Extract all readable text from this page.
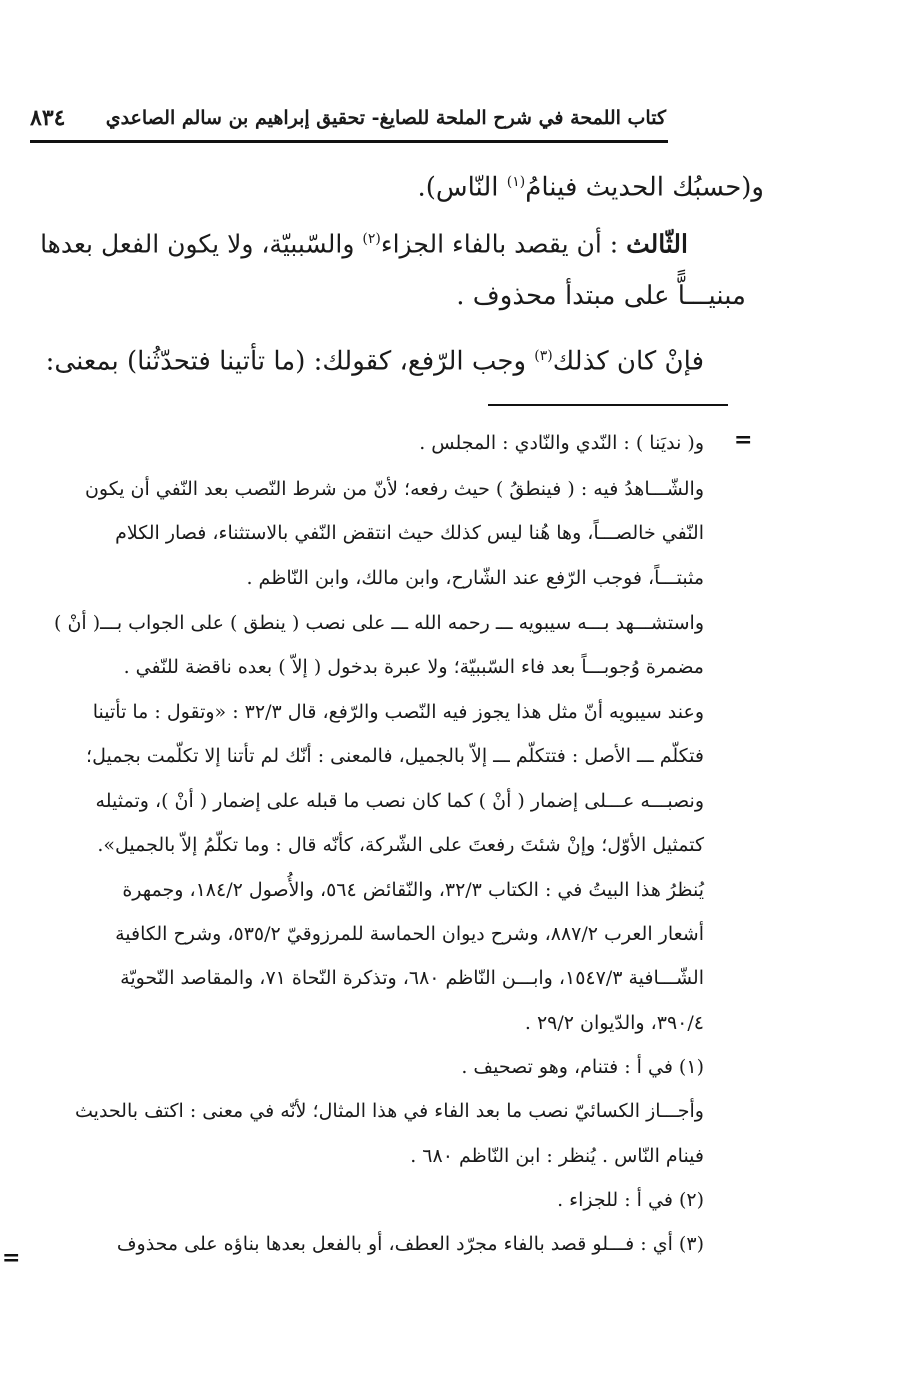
كتاب اللمحة في شرح الملحة للصايغ- تحقيق إبراهيم بن سالم الصاعدي
٨٣٤
و(حسبُك الحديث فينامُ$^{(١)}$ النّاس).
الثّالث : أن يقصد بالفاء الجزاء$^{(٢)}$ والسّببيّة، ولا يكون الفعل بعدها
مبنيـــاًّ على مبتدأ محذوف .
فإنْ كان كذلك$^{(٣)}$ وجب الرّفع، كقولك: (ما تأتينا فتحدّثُنا) بمعنى:
=
و( نديَنا ) : النّدي والنّادي : المجلس .
والشّـــاهدُ فيه : ( فينطقُ ) حيث رفعه؛ لأنّ من شرط النّصب بعد النّفي أن يكون
النّفي خالصـــاً، وها هُنا ليس كذلك حيث انتقض النّفي بالاستثناء، فصار الكلام
مثبتـــاً، فوجب الرّفع عند الشّارح، وابن مالك، وابن النّاظم .
واستشـــهد بـــه سيبويه ـــ رحمه الله ـــ على نصب ( ينطق ) على الجواب بـــ( أنْ )
مضمرة وُجوبـــاً بعد فاء السّببيّة؛ ولا عبرة بدخول ( إلاّ ) بعده ناقضة للنّفي .
وعند سيبويه أنّ مثل هذا يجوز فيه النّصب والرّفع، قال ٣٢/٣ : «وتقول : ما تأتينا
فتكلّم ـــ الأصل : فتتكلّم ـــ إلاّ بالجميل، فالمعنى : أنّك لم تأتنا إلا تكلّمت بجميل؛
ونصبـــه عـــلى إضمار ( أنْ ) كما كان نصب ما قبله على إضمار ( أنْ )، وتمثيله
كتمثيل الأوّل؛ وإنْ شئتَ رفعتَ على الشّركة، كأنّه قال : وما تكلّمُ إلاّ بالجميل».
يُنظرُ هذا البيتُ في : الكتاب ٣٢/٣، والنّقائض ٥٦٤، والأُصول ١٨٤/٢، وجمهرة
أشعار العرب ٨٨٧/٢، وشرح ديوان الحماسة للمرزوقيّ ٥٣٥/٢، وشرح الكافية
الشّـــافية ١٥٤٧/٣، وابـــن النّاظم ٦٨٠، وتذكرة النّحاة ٧١، والمقاصد النّحويّة
٣٩٠/٤، والدّيوان ٢٩/٢ .
(١) في أ : فتنام، وهو تصحيف .
وأجـــاز الكسائيّ نصب ما بعد الفاء في هذا المثال؛ لأنّه في معنى : اكتف بالحديث
فينام النّاس . يُنظر : ابن النّاظم ٦٨٠ .
(٢) في أ : للجزاء .
(٣) أي : فـــلو قصد بالفاء مجرّد العطف، أو بالفعل بعدها بناؤه على محذوف
=
